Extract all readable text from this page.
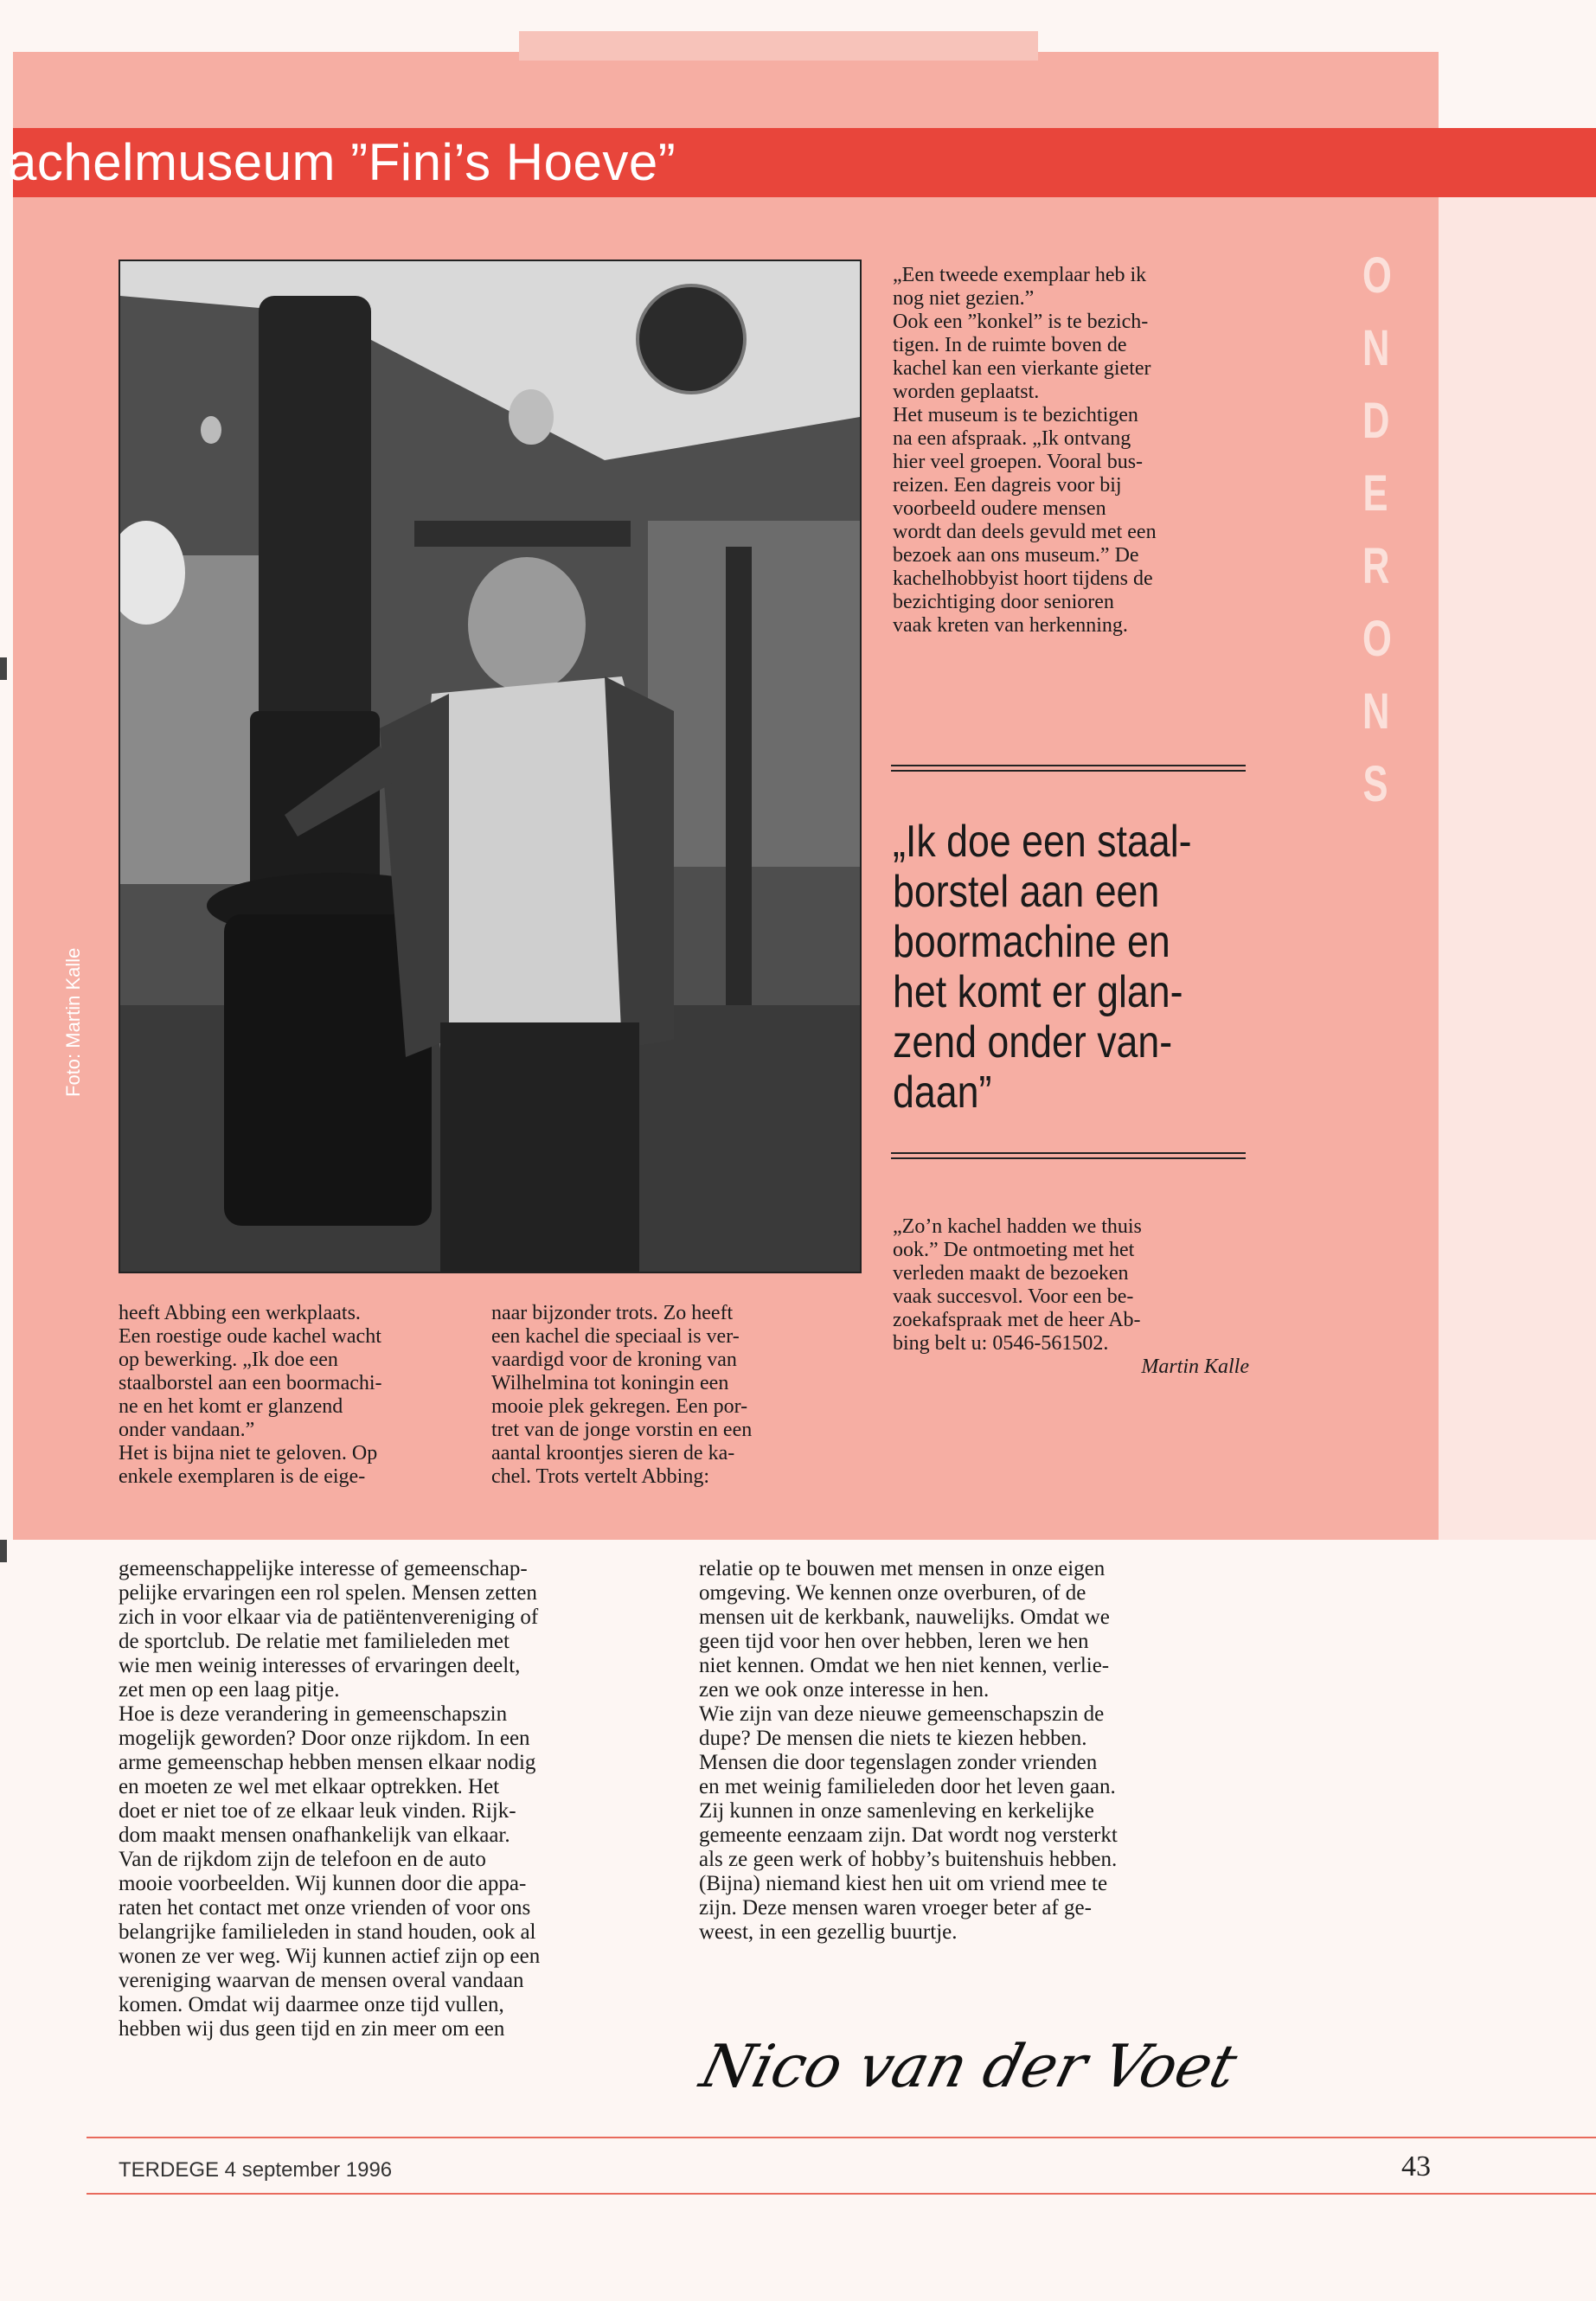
achelmuseum ”Fini’s Hoeve”
O
N
D
E
R
O
N
S
Foto: Martin Kalle

„Een tweede exemplaar heb ik

nog niet gezien.”

Ook een ”konkel” is te bezich-

tigen. In de ruimte boven de

kachel kan een vierkante gieter

worden geplaatst.

Het museum is te bezichtigen

na een afspraak. „Ik ontvang

hier veel groepen. Vooral bus-

reizen. Een dagreis voor bij

voorbeeld oudere mensen

wordt dan deels gevuld met een

bezoek aan ons museum.” De

kachelhobbyist hoort tijdens de

bezichtiging door senioren

vaak kreten van herkenning.

„Ik doe een staal-
borstel aan een
boormachine en
het komt er glan-
zend onder van-
daan”

„Zo’n kachel hadden we thuis

ook.” De ontmoeting met het

verleden maakt de bezoeken

vaak succesvol. Voor een be-

zoekafspraak met de heer Ab-

bing belt u: 0546-561502.

Martin Kalle

heeft Abbing een werkplaats.

Een roestige oude kachel wacht

op bewerking. „Ik doe een

staalborstel aan een boormachi-

ne en het komt er glanzend

onder vandaan.”

Het is bijna niet te geloven. Op

enkele exemplaren is de eige-

naar bijzonder trots. Zo heeft

een kachel die speciaal is ver-

vaardigd voor de kroning van

Wilhelmina tot koningin een

mooie plek gekregen. Een por-

tret van de jonge vorstin en een

aantal kroontjes sieren de ka-

chel. Trots vertelt Abbing:

gemeenschappelijke interesse of gemeenschap-

pelijke ervaringen een rol spelen. Mensen zetten

zich in voor elkaar via de patiëntenvereniging of

de sportclub. De relatie met familieleden met

wie men weinig interesses of ervaringen deelt,

zet men op een laag pitje.

Hoe is deze verandering in gemeenschapszin

mogelijk geworden? Door onze rijkdom. In een

arme gemeenschap hebben mensen elkaar nodig

en moeten ze wel met elkaar optrekken. Het

doet er niet toe of ze elkaar leuk vinden. Rijk-

dom maakt mensen onafhankelijk van elkaar.

Van de rijkdom zijn de telefoon en de auto

mooie voorbeelden. Wij kunnen door die appa-

raten het contact met onze vrienden of voor ons

belangrijke familieleden in stand houden, ook al

wonen ze ver weg. Wij kunnen actief zijn op een

vereniging waarvan de mensen overal vandaan

komen. Omdat wij daarmee onze tijd vullen,

hebben wij dus geen tijd en zin meer om een

relatie op te bouwen met mensen in onze eigen

omgeving. We kennen onze overburen, of de

mensen uit de kerkbank, nauwelijks. Omdat we

geen tijd voor hen over hebben, leren we hen

niet kennen. Omdat we hen niet kennen, verlie-

zen we ook onze interesse in hen.

Wie zijn van deze nieuwe gemeenschapszin de

dupe? De mensen die niets te kiezen hebben.

Mensen die door tegenslagen zonder vrienden

en met weinig familieleden door het leven gaan.

Zij kunnen in onze samenleving en kerkelijke

gemeente eenzaam zijn. Dat wordt nog versterkt

als ze geen werk of hobby’s buitenshuis hebben.

(Bijna) niemand kiest hen uit om vriend mee te

zijn. Deze mensen waren vroeger beter af ge-

weest, in een gezellig buurtje.

Nico van der Voet
TERDEGE 4 september 1996	43
